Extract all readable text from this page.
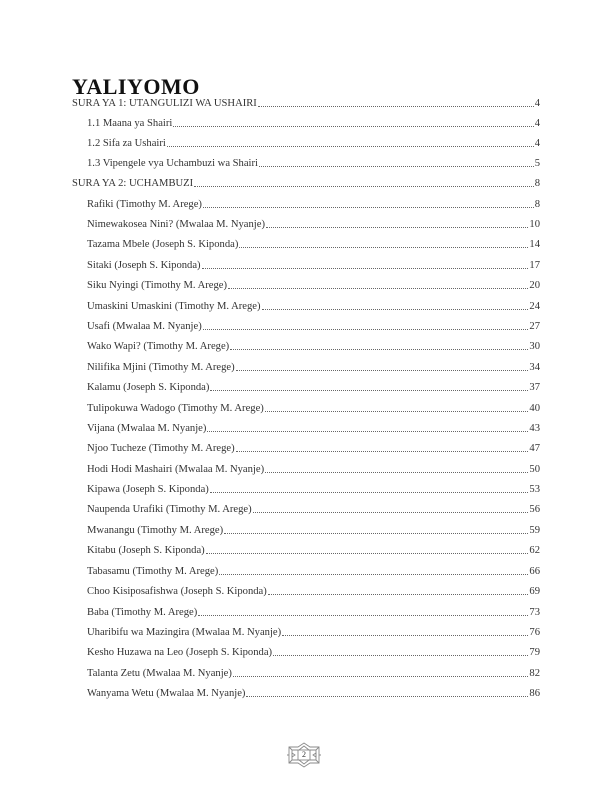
YALIYOMO
SURA YA 1: UTANGULIZI WA USHAIRI	4
1.1 Maana ya Shairi	4
1.2 Sifa za Ushairi	4
1.3 Vipengele vya Uchambuzi wa Shairi	5
SURA YA 2: UCHAMBUZI	8
Rafiki (Timothy M. Arege)	8
Nimewakosea Nini? (Mwalaa M. Nyanje)	10
Tazama Mbele (Joseph S. Kiponda)	14
Sitaki (Joseph S. Kiponda)	17
Siku Nyingi (Timothy M. Arege)	20
Umaskini Umaskini (Timothy M. Arege)	24
Usafi (Mwalaa M. Nyanje)	27
Wako Wapi? (Timothy M. Arege)	30
Nilifika Mjini (Timothy M. Arege)	34
Kalamu (Joseph S. Kiponda)	37
Tulipokuwa Wadogo (Timothy M. Arege)	40
Vijana (Mwalaa M. Nyanje)	43
Njoo Tucheze (Timothy M. Arege)	47
Hodi Hodi Mashairi (Mwalaa M. Nyanje)	50
Kipawa (Joseph S. Kiponda)	53
Naupenda Urafiki (Timothy M. Arege)	56
Mwanangu (Timothy M. Arege)	59
Kitabu (Joseph S. Kiponda)	62
Tabasamu (Timothy M. Arege)	66
Choo Kisiposafishwa (Joseph S. Kiponda)	69
Baba (Timothy M. Arege)	73
Uharibifu wa Mazingira (Mwalaa M. Nyanje)	76
Kesho Huzawa na Leo (Joseph S. Kiponda)	79
Talanta Zetu (Mwalaa M. Nyanje)	82
Wanyama Wetu (Mwalaa M. Nyanje)	86
2
